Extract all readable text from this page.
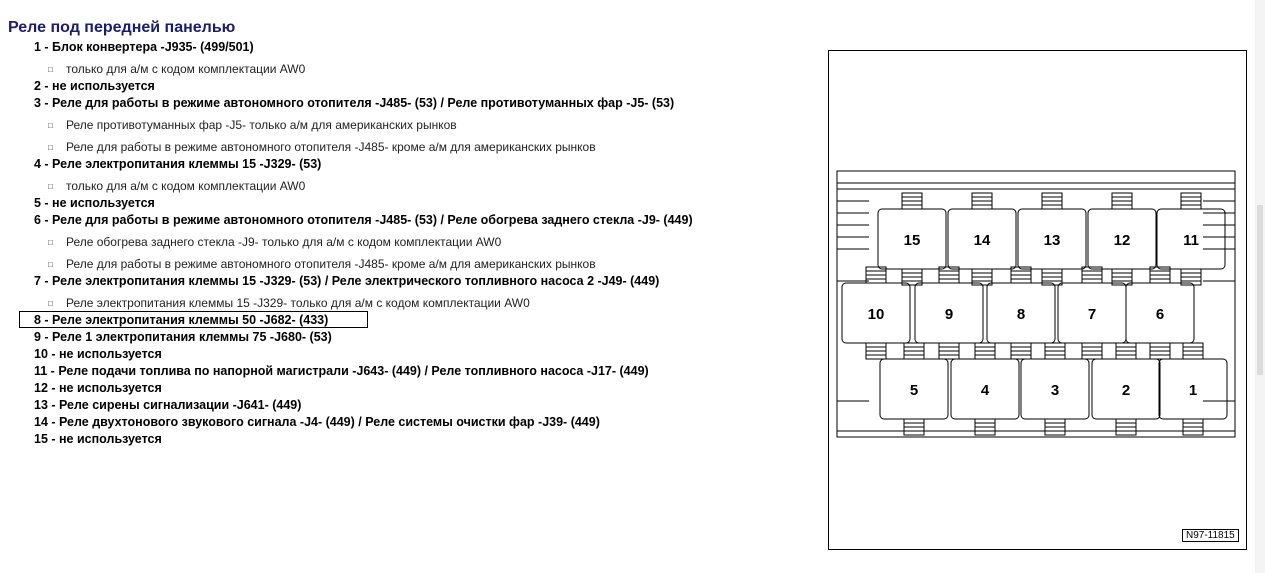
Реле под передней панелью
1 - Блок конвертера -J935- (499/501)
□ только для а/м с кодом комплектации AW0
2 - не используется
3 - Реле для работы в режиме автономного отопителя -J485- (53) / Реле противотуманных фар -J5- (53)
□ Реле противотуманных фар -J5- только а/м для американских рынков
□ Реле для работы в режиме автономного отопителя -J485- кроме а/м для американских рынков
4 - Реле электропитания клеммы 15 -J329- (53)
□ только для а/м с кодом комплектации AW0
5 - не используется
6 - Реле для работы в режиме автономного отопителя -J485- (53) / Реле обогрева заднего стекла -J9- (449)
□ Реле обогрева заднего стекла -J9- только для а/м с кодом комплектации AW0
□ Реле для работы в режиме автономного отопителя -J485- кроме а/м для американских рынков
7 - Реле электропитания клеммы 15 -J329- (53) / Реле электрического топливного насоса 2 -J49- (449)
□ Реле электропитания клеммы 15 -J329- только для а/м с кодом комплектации AW0
8 - Реле электропитания клеммы 50 -J682- (433)
9 - Реле 1 электропитания клеммы 75 -J680- (53)
10 - не используется
11 - Реле подачи топлива по напорной магистрали -J643- (449) / Реле топливного насоса -J17- (449)
12 - не используется
13 - Реле сирены сигнализации -J641- (449)
14 - Реле двухтонового звукового сигнала -J4- (449) / Реле системы очистки фар -J39- (449)
15 - не используется
15	14	13	12	11
10	9	8	7	6
5	4	3	2	1
N97-11815
